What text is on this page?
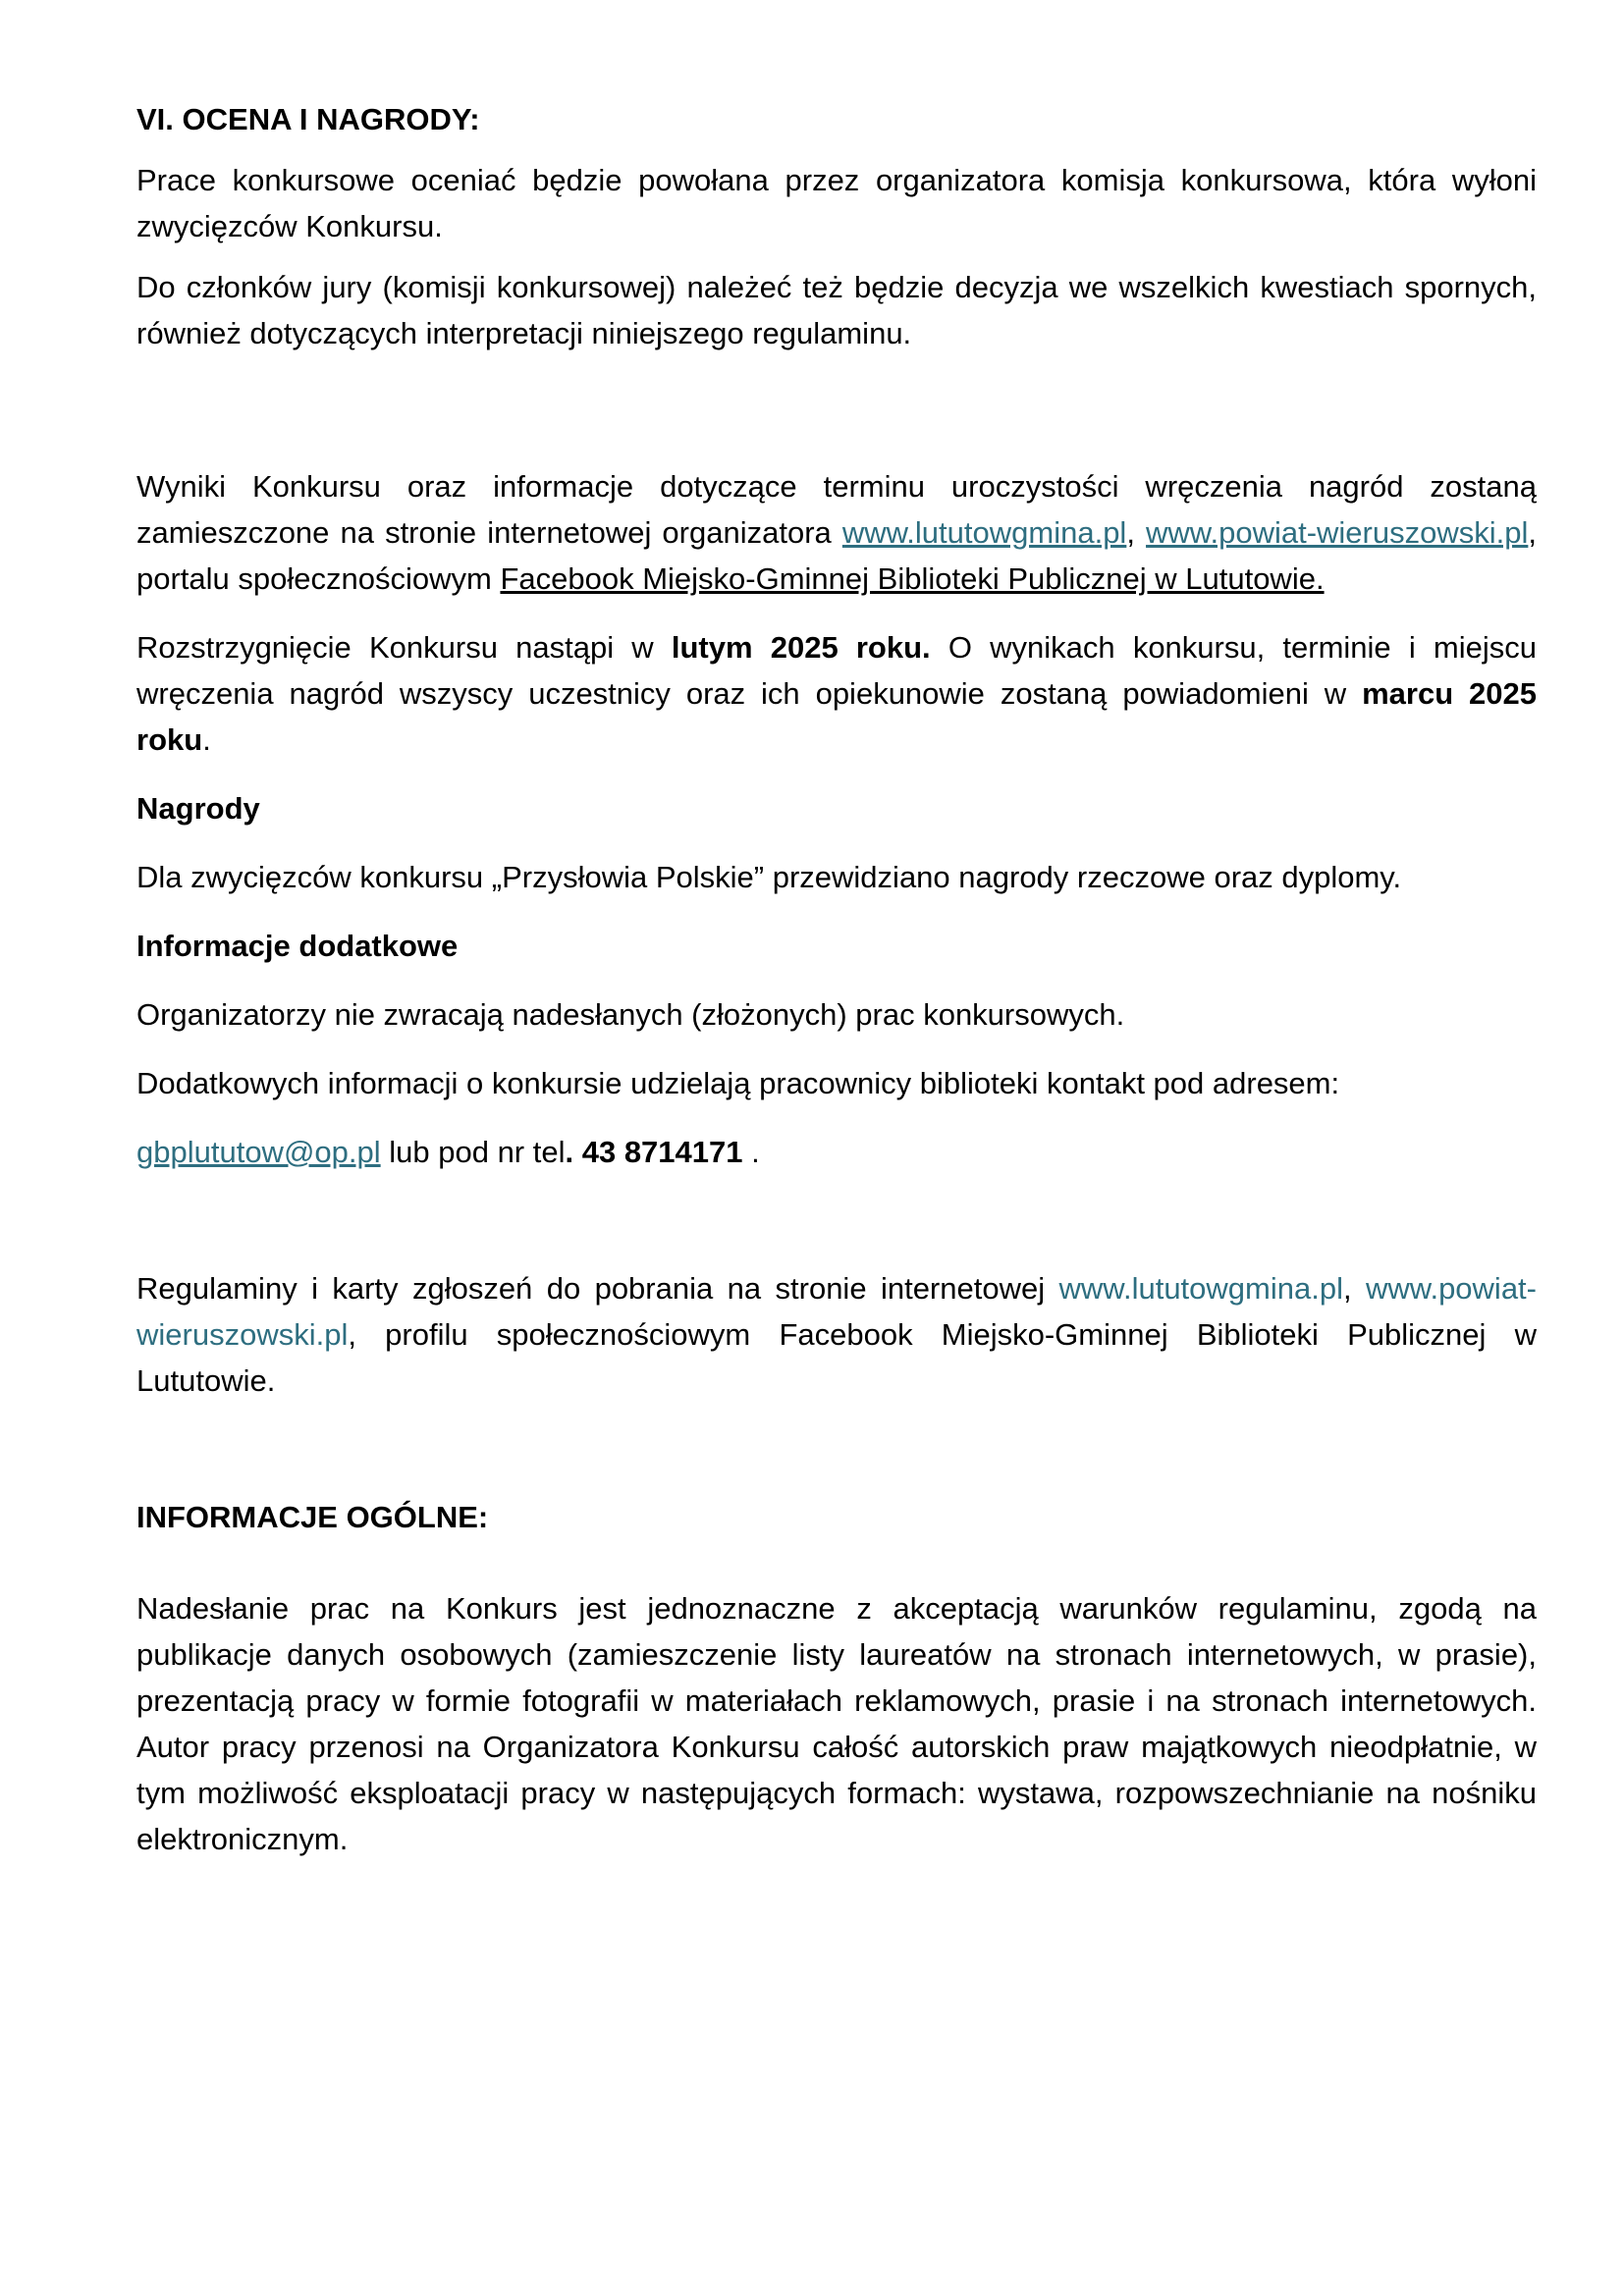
VI. OCENA I NAGRODY:

Prace konkursowe oceniać będzie powołana przez organizatora komisja konkursowa, która wyłoni zwycięzców Konkursu.

Do członków jury (komisji konkursowej) należeć też będzie decyzja we wszelkich kwestiach spornych, również dotyczących interpretacji niniejszego regulaminu.

Wyniki Konkursu oraz informacje dotyczące terminu uroczystości wręczenia nagród zostaną zamieszczone na stronie internetowej organizatora www.lututowgmina.pl, www.powiat-wieruszowski.pl, portalu społecznościowym Facebook Miejsko-Gminnej Biblioteki Publicznej w Lututowie.

Rozstrzygnięcie Konkursu nastąpi w lutym 2025 roku. O wynikach konkursu, terminie i miejscu wręczenia nagród wszyscy uczestnicy oraz ich opiekunowie zostaną powiadomieni w marcu 2025 roku.

Nagrody

Dla zwycięzców konkursu „Przysłowia Polskie” przewidziano nagrody rzeczowe oraz dyplomy.

Informacje dodatkowe

Organizatorzy nie zwracają nadesłanych (złożonych) prac konkursowych.

Dodatkowych informacji o konkursie udzielają pracownicy biblioteki kontakt pod adresem:

gbplututow@op.pl lub pod nr tel. 43 8714171 .

Regulaminy i karty zgłoszeń do pobrania na stronie internetowej www.lututowgmina.pl, www.powiat-wieruszowski.pl, profilu społecznościowym Facebook Miejsko-Gminnej Biblioteki Publicznej w Lututowie.

INFORMACJE OGÓLNE:

Nadesłanie prac na Konkurs jest jednoznaczne z akceptacją warunków regulaminu, zgodą na publikacje danych osobowych (zamieszczenie listy laureatów na stronach internetowych, w prasie), prezentacją pracy w formie fotografii w materiałach reklamowych, prasie i na stronach internetowych. Autor pracy przenosi na Organizatora Konkursu całość autorskich praw majątkowych nieodpłatnie, w tym możliwość eksploatacji pracy w następujących formach: wystawa, rozpowszechnianie na nośniku elektronicznym.
